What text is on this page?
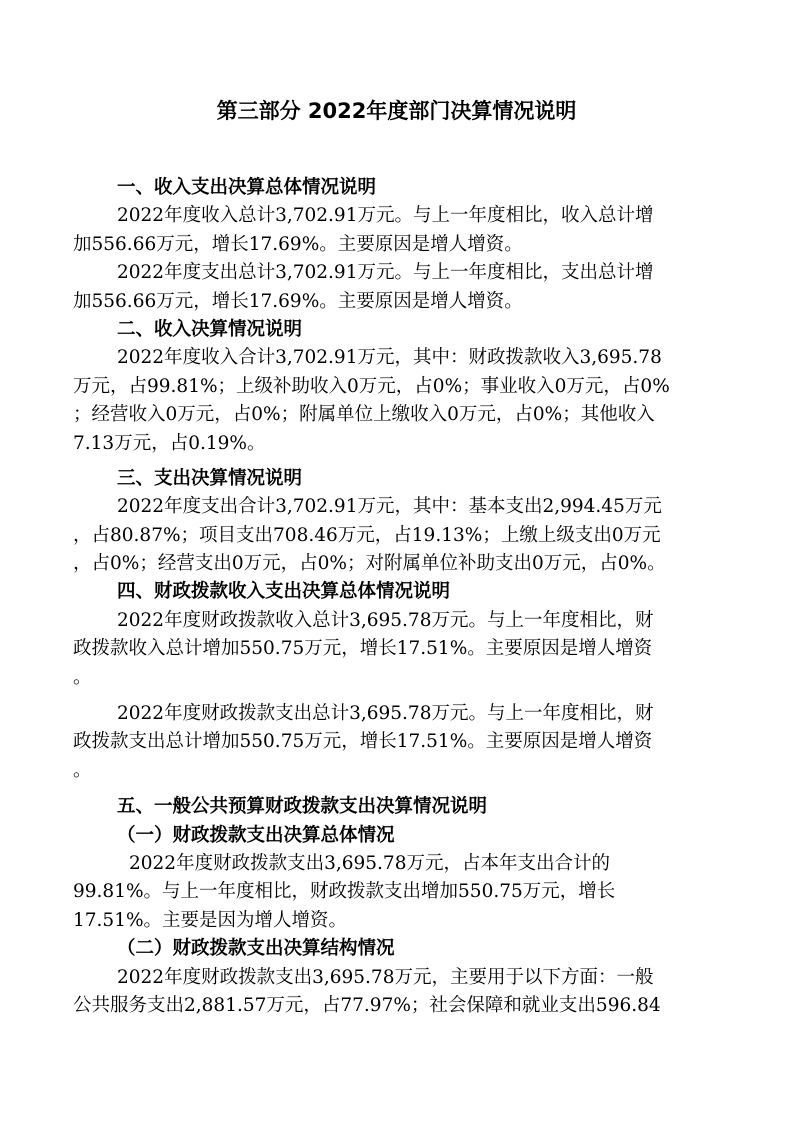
第三部分 2022年度部门决算情况说明
一、收入支出决算总体情况说明
2022年度收入总计3,702.91万元。与上一年度相比，收入总计增
加556.66万元，增长17.69%。主要原因是增人增资。
2022年度支出总计3,702.91万元。与上一年度相比，支出总计增
加556.66万元，增长17.69%。主要原因是增人增资。
二、收入决算情况说明
2022年度收入合计3,702.91万元，其中：财政拨款收入3,695.78
万元，占99.81%；上级补助收入0万元，占0%；事业收入0万元，占0%
；经营收入0万元，占0%；附属单位上缴收入0万元，占0%；其他收入
7.13万元，占0.19%。
三、支出决算情况说明
2022年度支出合计3,702.91万元，其中：基本支出2,994.45万元
，占80.87%；项目支出708.46万元，占19.13%；上缴上级支出0万元
，占0%；经营支出0万元，占0%；对附属单位补助支出0万元，占0%。
四、财政拨款收入支出决算总体情况说明
2022年度财政拨款收入总计3,695.78万元。与上一年度相比，财
政拨款收入总计增加550.75万元，增长17.51%。主要原因是增人增资
。
2022年度财政拨款支出总计3,695.78万元。与上一年度相比，财
政拨款支出总计增加550.75万元，增长17.51%。主要原因是增人增资
。
五、一般公共预算财政拨款支出决算情况说明
（一）财政拨款支出决算总体情况
2022年度财政拨款支出3,695.78万元，占本年支出合计的
99.81%。与上一年度相比，财政拨款支出增加550.75万元，增长
17.51%。主要是因为增人增资。
（二）财政拨款支出决算结构情况
2022年度财政拨款支出3,695.78万元，主要用于以下方面：一般
公共服务支出2,881.57万元，占77.97%；社会保障和就业支出596.84
